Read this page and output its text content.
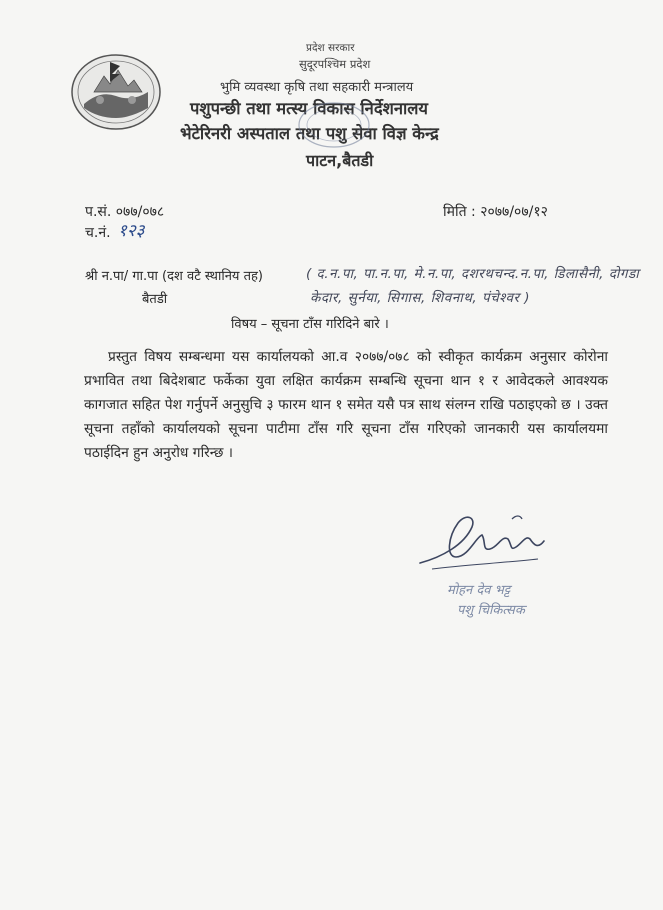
प्रदेश सरकार
सुदूरपश्चिम प्रदेश
भुमि व्यवस्था कृषि तथा सहकारी मन्त्रालय
पशुपन्छी तथा मत्स्य विकास निर्देशनालय
भेटेरिनरी अस्पताल तथा पशु सेवा विज्ञ केन्द्र
पाटन,बैतडी
प.सं. ०७७/०७८
च.नं. १२३
मिति : २०७७/०७/१२
श्री न.पा/ गा.पा (दश वटै स्थानिय तह)
बैतडी
( द.न.पा, पा.न.पा, मे.न.पा, दशरथचन्द.न.पा, डिलासैनी, दोगडा
केदार, सुर्नया, सिगास, शिवनाथ, पंचेश्वर )
विषय – सूचना टाँस गरिदिने बारे ।

प्रस्तुत विषय सम्बन्धमा यस कार्यालयको आ.व २०७७/०७८ को स्वीकृत कार्यक्रम अनुसार कोरोना प्रभावित तथा बिदेशबाट फर्केका युवा लक्षित कार्यक्रम सम्बन्धि सूचना थान १ र आवेदकले आवश्यक कागजात सहित पेश गर्नुपर्ने अनुसुचि ३ फारम थान १ समेत यसै पत्र साथ संलग्न राखि पठाइएको छ । उक्त सूचना तहाँको कार्यालयको सूचना पाटीमा टाँस गरि सूचना टाँस गरिएको जानकारी यस कार्यालयमा पठाईदिन हुन अनुरोध गरिन्छ ।

मोहन देव भट्ट
पशु चिकित्सक
